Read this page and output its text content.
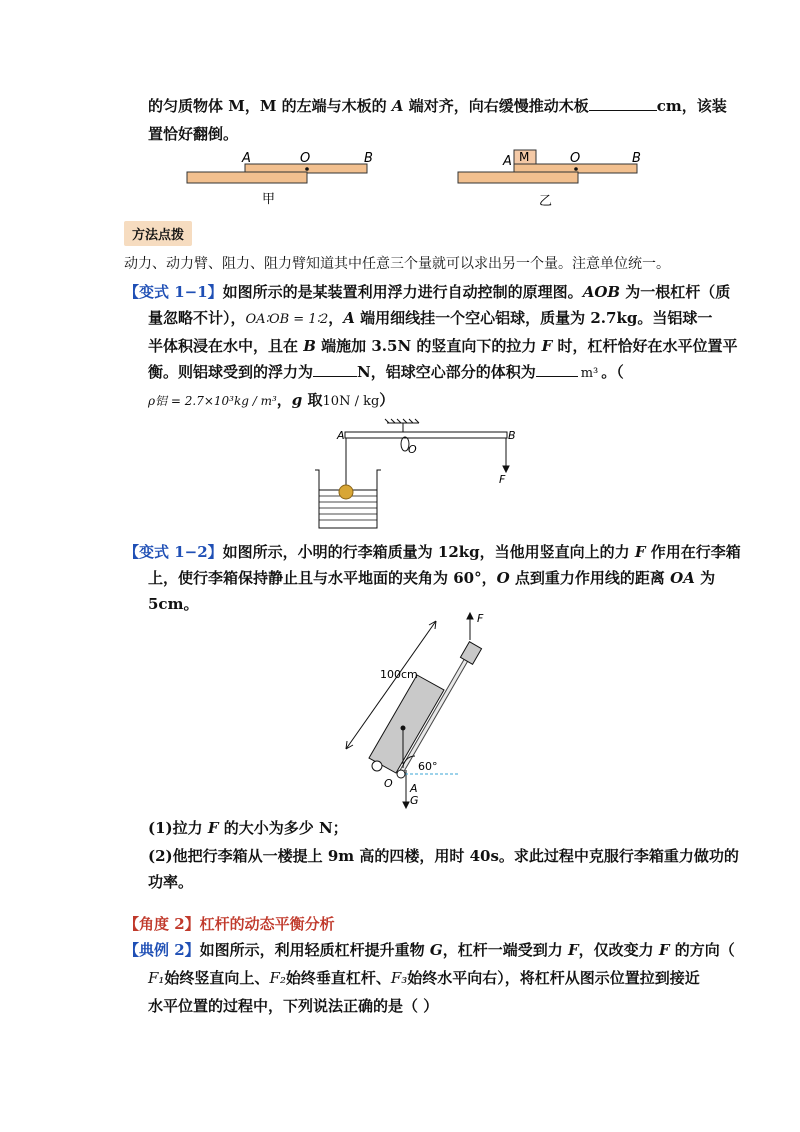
的匀质物体 M，M 的左端与木板的 A 端对齐，向右缓慢推动木板	cm，该装
置恰好翻倒。
A	O	B
甲
M
A	O	B
乙
方法点拨
动力、动力臂、阻力、阻力臂知道其中任意三个量就可以求出另一个量。注意单位统一。
【变式 1−1】如图所示的是某装置利用浮力进行自动控制的原理图。AOB 为一根杠杆（质
量忽略不计），OA∶OB = 1∶2，A 端用细线挂一个空心铝球，质量为 2.7kg。当铝球一
半体积浸在水中，且在 B 端施加 3.5N 的竖直向下的拉力 F 时，杠杆恰好在水平位置平
衡。则铝球受到的浮力为	N，铝球空心部分的体积为	m³ 。（
ρ铝 = 2.7×10³kg / m³，g 取10N / kg）
A
O
B
F
【变式 1−2】如图所示，小明的行李箱质量为 12kg，当他用竖直向上的力 F 作用在行李箱
上，使行李箱保持静止且与水平地面的夹角为 60°，O 点到重力作用线的距离 OA 为
5cm。
F
100cm
60°
O A
G
(1)拉力 F 的大小为多少 N；
(2)他把行李箱从一楼提上 9m 高的四楼，用时 40s。求此过程中克服行李箱重力做功的
功率。
【角度 2】杠杆的动态平衡分析
【典例 2】如图所示，利用轻质杠杆提升重物 G，杠杆一端受到力 F，仅改变力 F 的方向（
F₁始终竖直向上、F₂始终垂直杠杆、F₃始终水平向右），将杠杆从图示位置拉到接近
水平位置的过程中，下列说法正确的是（ ）
